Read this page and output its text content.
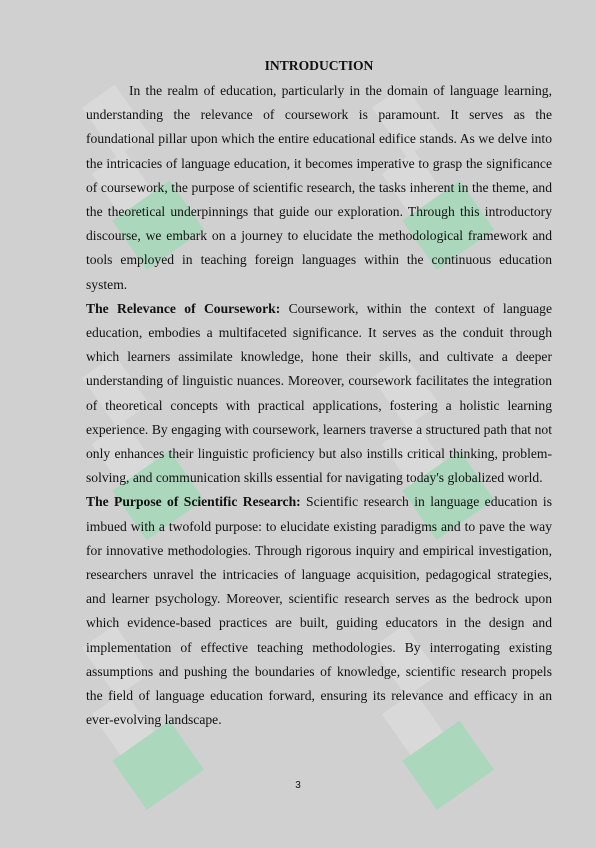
INTRODUCTION

In the realm of education, particularly in the domain of language learning, understanding the relevance of coursework is paramount. It serves as the foundational pillar upon which the entire educational edifice stands. As we delve into the intricacies of language education, it becomes imperative to grasp the significance of coursework, the purpose of scientific research, the tasks inherent in the theme, and the theoretical underpinnings that guide our exploration. Through this introductory discourse, we embark on a journey to elucidate the methodological framework and tools employed in teaching foreign languages within the continuous education system.

The Relevance of Coursework: Coursework, within the context of language education, embodies a multifaceted significance. It serves as the conduit through which learners assimilate knowledge, hone their skills, and cultivate a deeper understanding of linguistic nuances. Moreover, coursework facilitates the integration of theoretical concepts with practical applications, fostering a holistic learning experience. By engaging with coursework, learners traverse a structured path that not only enhances their linguistic proficiency but also instills critical thinking, problem-solving, and communication skills essential for navigating today's globalized world.

The Purpose of Scientific Research: Scientific research in language education is imbued with a twofold purpose: to elucidate existing paradigms and to pave the way for innovative methodologies. Through rigorous inquiry and empirical investigation, researchers unravel the intricacies of language acquisition, pedagogical strategies, and learner psychology. Moreover, scientific research serves as the bedrock upon which evidence-based practices are built, guiding educators in the design and implementation of effective teaching methodologies. By interrogating existing assumptions and pushing the boundaries of knowledge, scientific research propels the field of language education forward, ensuring its relevance and efficacy in an ever-evolving landscape.

3
